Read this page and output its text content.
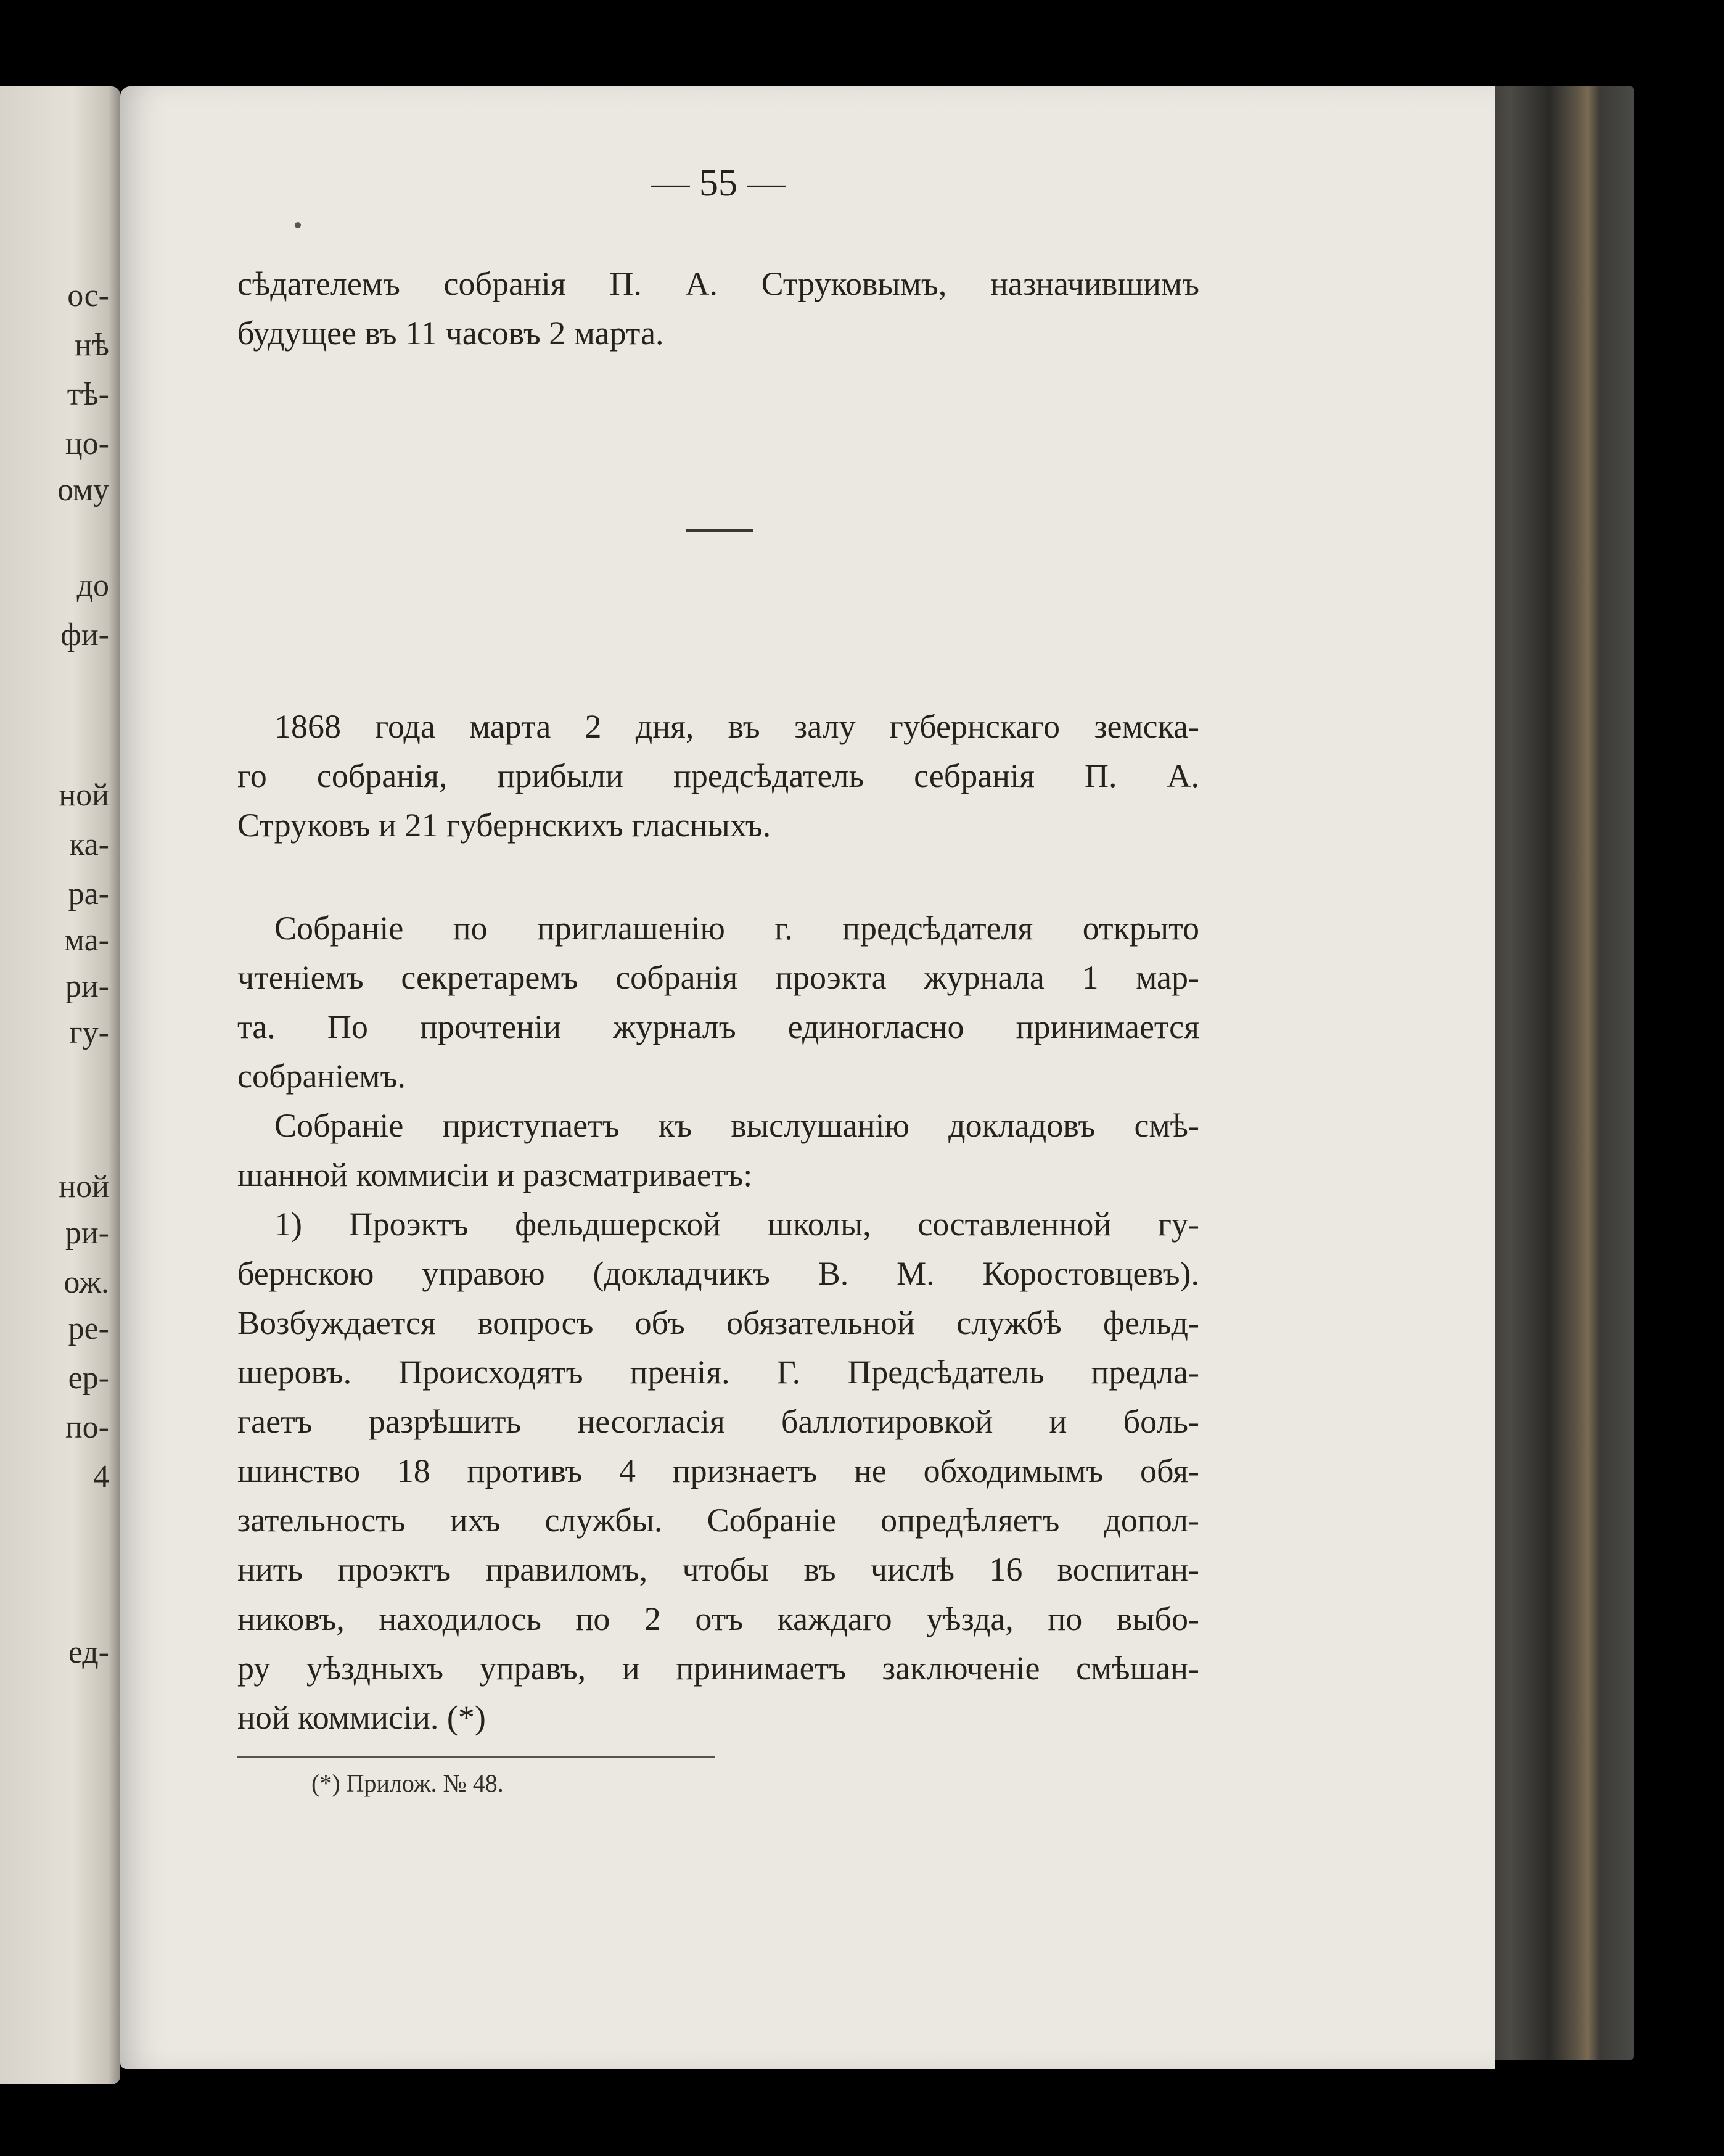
ос-
нѣ
тѣ-
цо-
ому
до
фи-
ной
ка-
ра-
ма-
ри-
гу-
ной
ри-
ож.
ре-
ер-
по-
4
ед-
— 55 —
сѣдателемъ собранія П. А. Струковымъ, назначившимъ
будущее въ 11 часовъ 2 марта.
1868 года марта 2 дня, въ залу губернскаго земска-
го собранія, прибыли предсѣдатель себранія П. А.
Струковъ и 21 губернскихъ гласныхъ.
Собраніе по приглашенію г. предсѣдателя открыто
чтеніемъ секретаремъ собранія проэкта журнала 1 мар-
та. По прочтеніи журналъ единогласно принимается
собраніемъ.
Собраніе приступаетъ къ выслушанію докладовъ смѣ-
шанной коммисіи и разсматриваетъ:
1) Проэктъ фельдшерской школы, составленной гу-
бернскою управою (докладчикъ В. М. Коростовцевъ).
Возбуждается вопросъ объ обязательной службѣ фельд-
шеровъ. Происходятъ пренія. Г. Предсѣдатель предла-
гаетъ разрѣшить несогласія баллотировкой и боль-
шинство 18 противъ 4 признаетъ не обходимымъ обя-
зательность ихъ службы. Собраніе опредѣляетъ допол-
нить проэктъ правиломъ, чтобы въ числѣ 16 воспитан-
никовъ, находилось по 2 отъ каждаго уѣзда, по выбо-
ру уѣздныхъ управъ, и принимаетъ заключеніе смѣшан-
ной коммисіи. (*)
(*) Прилож. № 48.
